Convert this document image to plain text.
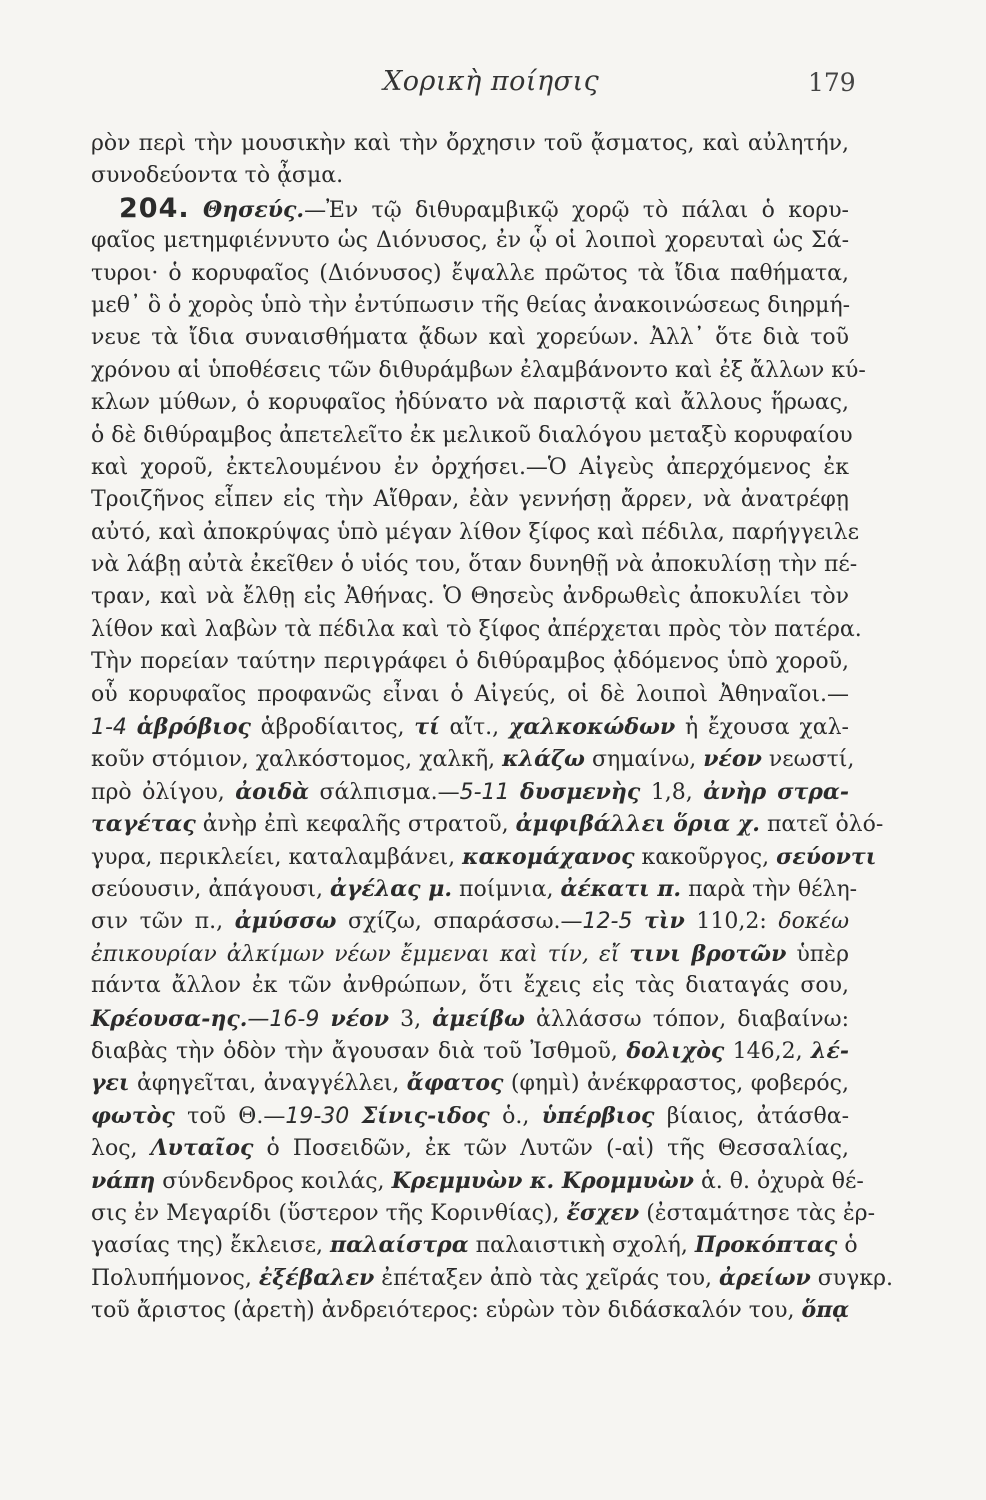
Χορικὴ ποίησις	179
ρὸν περὶ τὴν μουσικὴν καὶ τὴν ὄρχησιν τοῦ ᾄσματος, καὶ αὐλητήν,
συνοδεύοντα τὸ ᾆσμα.
204. Θησεύς.—Ἐν τῷ διθυραμβικῷ χορῷ τὸ πάλαι ὁ κορυ-
φαῖος μετημφιέννυτο ὡς Διόνυσος, ἐν ᾧ οἱ λοιποὶ χορευταὶ ὡς Σά-
τυροι· ὁ κορυφαῖος (Διόνυσος) ἔψαλλε πρῶτος τὰ ἴδια παθήματα,
μεθ᾽ ὃ ὁ χορὸς ὑπὸ τὴν ἐντύπωσιν τῆς θείας ἀνακοινώσεως διηρμή-
νευε τὰ ἴδια συναισθήματα ᾄδων καὶ χορεύων. Ἀλλ᾽ ὅτε διὰ τοῦ
χρόνου αἱ ὑποθέσεις τῶν διθυράμβων ἐλαμβάνοντο καὶ ἐξ ἄλλων κύ-
κλων μύθων, ὁ κορυφαῖος ἠδύνατο νὰ παριστᾷ καὶ ἄλλους ἥρωας,
ὁ δὲ διθύραμβος ἀπετελεῖτο ἐκ μελικοῦ διαλόγου μεταξὺ κορυφαίου
καὶ χοροῦ, ἐκτελουμένου ἐν ὀρχήσει.—Ὁ Αἰγεὺς ἀπερχόμενος ἐκ
Τροιζῆνος εἶπεν εἰς τὴν Αἴθραν, ἐὰν γεννήσῃ ἄρρεν, νὰ ἀνατρέφῃ
αὐτό, καὶ ἀποκρύψας ὑπὸ μέγαν λίθον ξίφος καὶ πέδιλα, παρήγγειλε
νὰ λάβῃ αὐτὰ ἐκεῖθεν ὁ υἱός του, ὅταν δυνηθῇ νὰ ἀποκυλίσῃ τὴν πέ-
τραν, καὶ νὰ ἔλθῃ εἰς Ἀθήνας. Ὁ Θησεὺς ἀνδρωθεὶς ἀποκυλίει τὸν
λίθον καὶ λαβὼν τὰ πέδιλα καὶ τὸ ξίφος ἀπέρχεται πρὸς τὸν πατέρα.
Τὴν πορείαν ταύτην περιγράφει ὁ διθύραμβος ᾀδόμενος ὑπὸ χοροῦ,
οὗ κορυφαῖος προφανῶς εἶναι ὁ Αἰγεύς, οἱ δὲ λοιποὶ Ἀθηναῖοι.—
1-4 ἁβρόβιος ἁβροδίαιτος, τί αἴτ., χαλκοκώδων ἡ ἔχουσα χαλ-
κοῦν στόμιον, χαλκόστομος, χαλκῆ, κλάζω σημαίνω, νέον νεωστί,
πρὸ ὀλίγου, ἀοιδὰ σάλπισμα.—5-11 δυσμενὴς 1,8, ἀνὴρ στρα-
ταγέτας ἀνὴρ ἐπὶ κεφαλῆς στρατοῦ, ἀμφιβάλλει ὅρια χ. πατεῖ ὁλό-
γυρα, περικλείει, καταλαμβάνει, κακομάχανος κακοῦργος, σεύοντι
σεύουσιν, ἀπάγουσι, ἀγέλας μ. ποίμνια, ἀέκατι π. παρὰ τὴν θέλη-
σιν τῶν π., ἀμύσσω σχίζω, σπαράσσω.—12-5 τὶν 110,2: δοκέω
ἐπικουρίαν ἀλκίμων νέων ἔμμεναι καὶ τίν, εἴ τινι βροτῶν ὑπὲρ
πάντα ἄλλον ἐκ τῶν ἀνθρώπων, ὅτι ἔχεις εἰς τὰς διαταγάς σου,
Κρέουσα-ης.—16-9 νέον 3, ἀμείβω ἀλλάσσω τόπον, διαβαίνω:
διαβὰς τὴν ὁδὸν τὴν ἄγουσαν διὰ τοῦ Ἰσθμοῦ, δολιχὸς 146,2, λέ-
γει ἀφηγεῖται, ἀναγγέλλει, ἄφατος (φημὶ) ἀνέκφραστος, φοβερός,
φωτὸς τοῦ Θ.—19-30 Σίνις-ιδος ὁ., ὑπέρβιος βίαιος, ἀτάσθα-
λος, Λυταῖος ὁ Ποσειδῶν, ἐκ τῶν Λυτῶν (-αἱ) τῆς Θεσσαλίας,
νάπη σύνδενδρος κοιλάς, Κρεμμυὼν κ. Κρομμυὼν ἁ. θ. ὀχυρὰ θέ-
σις ἐν Μεγαρίδι (ὕστερον τῆς Κορινθίας), ἔσχεν (ἐσταμάτησε τὰς ἐρ-
γασίας της) ἔκλεισε, παλαίστρα παλαιστικὴ σχολή, Προκόπτας ὁ
Πολυπήμονος, ἐξέβαλεν ἐπέταξεν ἀπὸ τὰς χεῖράς του, ἀρείων συγκρ.
τοῦ ἄριστος (ἀρετὴ) ἀνδρειότερος: εὑρὼν τὸν διδάσκαλόν του, ὅπᾳ
